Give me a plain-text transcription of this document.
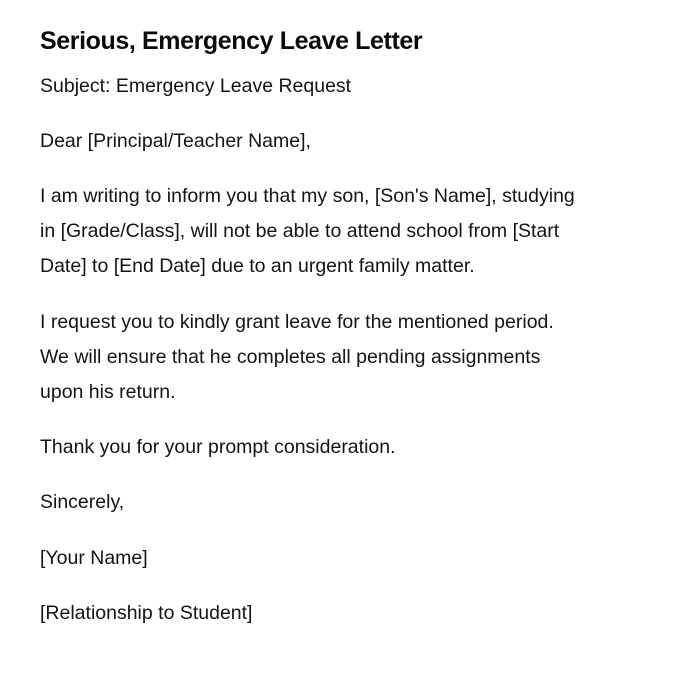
Serious, Emergency Leave Letter

Subject: Emergency Leave Request

Dear [Principal/Teacher Name],

I am writing to inform you that my son, [Son's Name], studying
in [Grade/Class], will not be able to attend school from [Start
Date] to [End Date] due to an urgent family matter.

I request you to kindly grant leave for the mentioned period.
We will ensure that he completes all pending assignments
upon his return.

Thank you for your prompt consideration.

Sincerely,

[Your Name]

[Relationship to Student]
